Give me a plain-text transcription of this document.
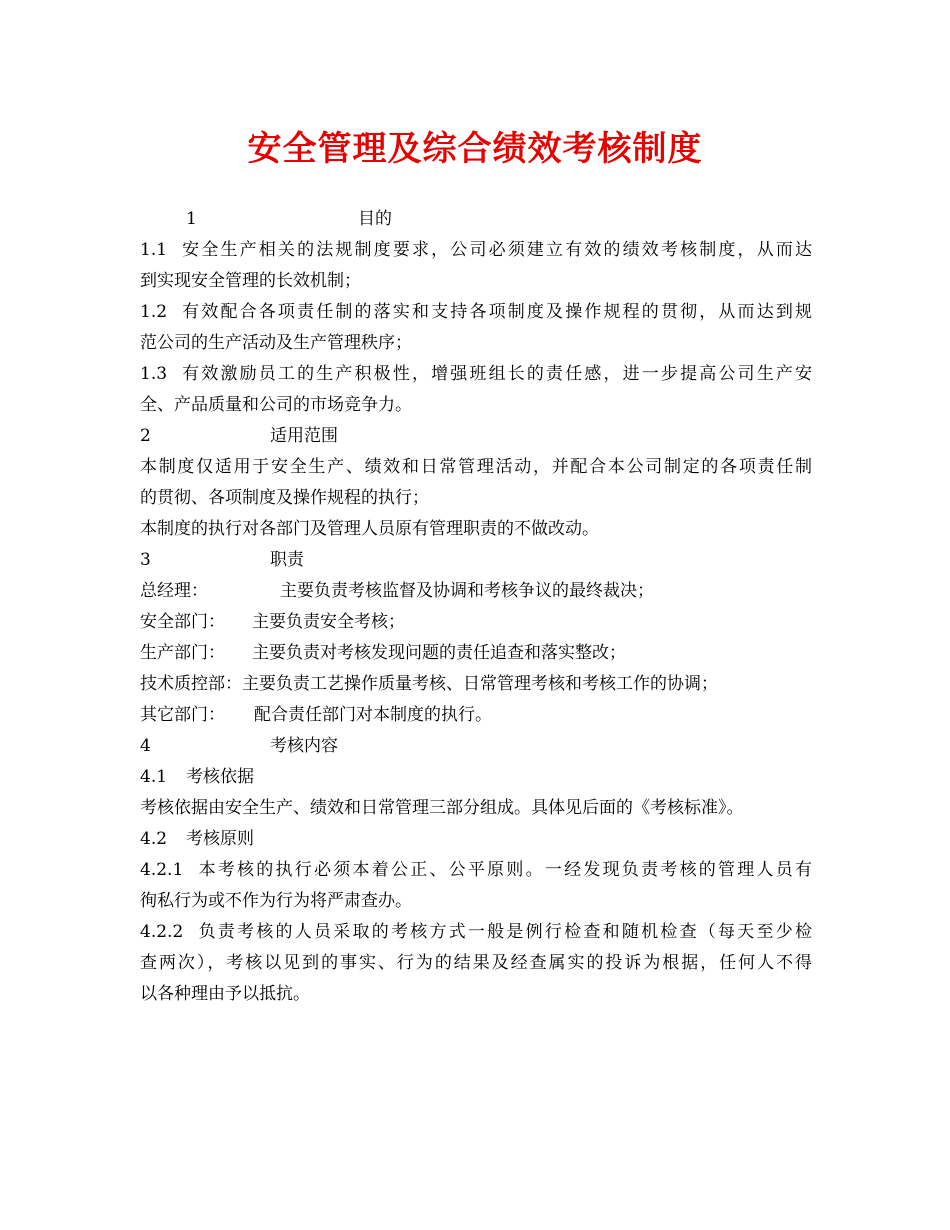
安全管理及综合绩效考核制度
1	目的
1.1 安全生产相关的法规制度要求，公司必须建立有效的绩效考核制度，从而达
到实现安全管理的长效机制；
1.2 有效配合各项责任制的落实和支持各项制度及操作规程的贯彻，从而达到规
范公司的生产活动及生产管理秩序；
1.3 有效激励员工的生产积极性，增强班组长的责任感，进一步提高公司生产安
全、产品质量和公司的市场竞争力。
2	适用范围
本制度仅适用于安全生产、绩效和日常管理活动，并配合本公司制定的各项责任制
的贯彻、各项制度及操作规程的执行；
本制度的执行对各部门及管理人员原有管理职责的不做改动。
3	职责
总经理：	主要负责考核监督及协调和考核争议的最终裁决；
安全部门： 主要负责安全考核；
生产部门： 主要负责对考核发现问题的责任追查和落实整改；
技术质控部：主要负责工艺操作质量考核、日常管理考核和考核工作的协调；
其它部门： 配合责任部门对本制度的执行。
4	考核内容
4.1 考核依据
考核依据由安全生产、绩效和日常管理三部分组成。具体见后面的《考核标准》。
4.2 考核原则
4.2.1 本考核的执行必须本着公正、公平原则。一经发现负责考核的管理人员有
徇私行为或不作为行为将严肃查办。
4.2.2 负责考核的人员采取的考核方式一般是例行检查和随机检查（每天至少检
查两次），考核以见到的事实、行为的结果及经查属实的投诉为根据，任何人不得
以各种理由予以抵抗。
